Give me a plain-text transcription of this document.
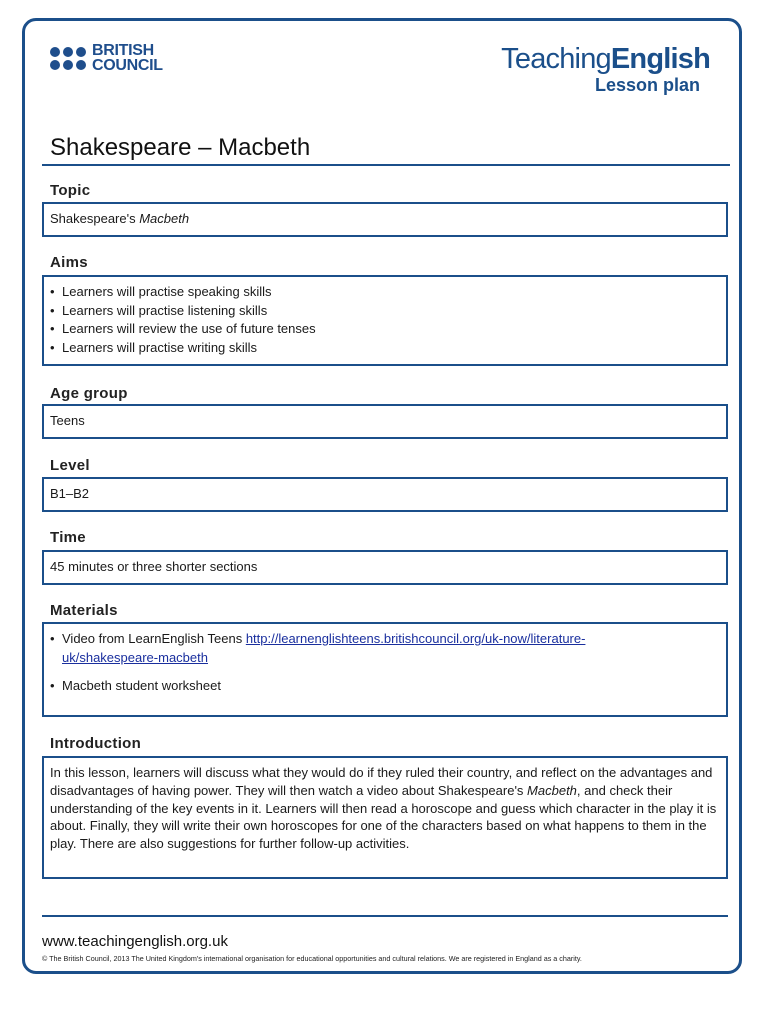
BRITISH
COUNCIL	TeachingEnglish
Lesson plan
Shakespeare – Macbeth
Topic
Shakespeare's Macbeth
Aims
• Learners will practise speaking skills
• Learners will practise listening skills
• Learners will review the use of future tenses
• Learners will practise writing skills
Age group
Teens
Level
B1–B2
Time
45 minutes or three shorter sections
Materials
• Video from LearnEnglish Teens http://learnenglishteens.britishcouncil.org/uk-now/literature-
uk/shakespeare-macbeth
• Macbeth student worksheet
Introduction

In this lesson, learners will discuss what they would do if they ruled their country, and reflect on the advantages and disadvantages of having power. They will then watch a video about Shakespeare's Macbeth, and check their understanding of the key events in it. Learners will then read a horoscope and guess which character in the play it is about. Finally, they will write their own horoscopes for one of the characters based on what happens to them in the play. There are also suggestions for further follow-up activities.

www.teachingenglish.org.uk
© The British Council, 2013 The United Kingdom's international organisation for educational opportunities and cultural relations. We are registered in England as a charity.
